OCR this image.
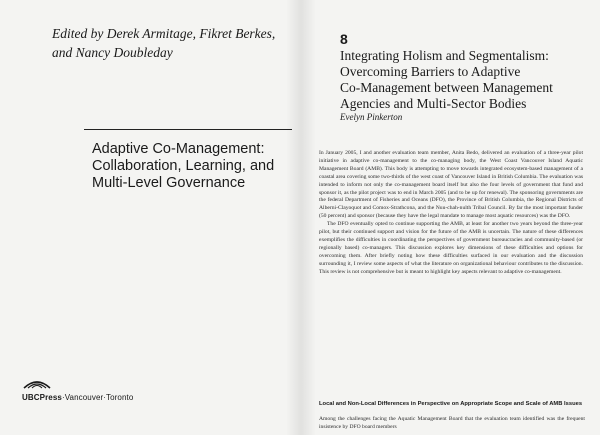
Edited by Derek Armitage, Fikret Berkes,
and Nancy Doubleday
Adaptive Co-Management:
Collaboration, Learning, and
Multi-Level Governance
UBCPress·Vancouver·Toronto
8
Integrating Holism and Segmentalism:
Overcoming Barriers to Adaptive
Co-Management between Management
Agencies and Multi-Sector Bodies
Evelyn Pinkerton

In January 2005, I and another evaluation team member, Anita Bedo, delivered an evaluation of a three-year pilot initiative in adaptive co-management to the co-managing body, the West Coast Vancouver Island Aquatic Management Board (AMB). This body is attempting to move towards integrated ecosystem-based management of a coastal area covering some two-thirds of the west coast of Vancouver Island in British Columbia. The evaluation was intended to inform not only the co-management board itself but also the four levels of government that fund and sponsor it, as the pilot project was to end in March 2005 (and to be up for renewal). The sponsoring governments are the federal Department of Fisheries and Oceans (DFO), the Province of British Columbia, the Regional Districts of Alberni-Clayoquot and Comox-Strathcona, and the Nuu-chah-nulth Tribal Council. By far the most important funder (50 percent) and sponsor (because they have the legal mandate to manage most aquatic resources) was the DFO.

The DFO eventually opted to continue supporting the AMB, at least for another two years beyond the three-year pilot, but their continued support and vision for the future of the AMB is uncertain. The nature of these differences exemplifies the difficulties in coordinating the perspectives of government bureaucracies and community-based (or regionally based) co-managers. This discussion explores key dimensions of these difficulties and options for overcoming them. After briefly noting how these difficulties surfaced in our evaluation and the discussion surrounding it, I review some aspects of what the literature on organizational behaviour contributes to the discussion. This review is not comprehensive but is meant to highlight key aspects relevant to adaptive co-management.

Local and Non-Local Differences in Perspective on Appropriate Scope and Scale of AMB Issues
Among the challenges facing the Aquatic Management Board that the evaluation team identified was the frequent insistence by DFO board members
